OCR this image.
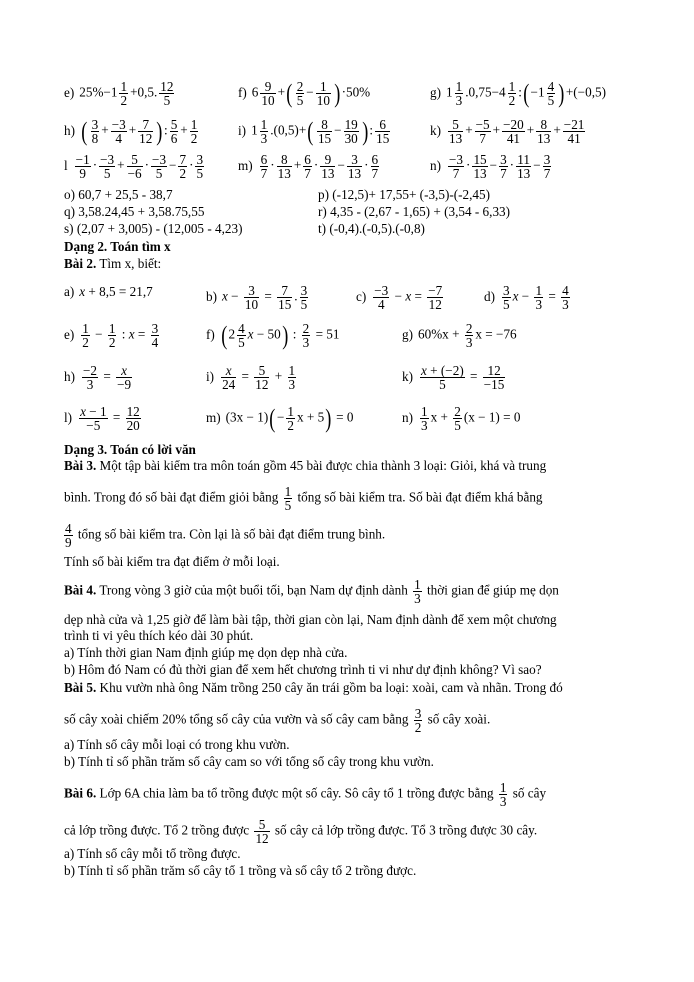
e) $25\%-1 \frac{1}{2} +0,5$. $\frac{12}{5}$	f) $6 \frac{9}{10}$ +( $\frac{2}{5} - \frac{1}{10} )\cdot 50\%$	g) $1 \frac{1}{3} .0,75-4 \frac{1}{2}$ :(−1 $\frac{4}{5} )+(-0,5)$
h) ( $\frac{3}{8} + \frac{-3}{4} + \frac{7}{12}$ ): $\frac{5}{6} + \frac{1}{2}$	i) $1 \frac{1}{3} .(0,5)+( \frac{8}{15} - \frac{19}{30}$ ): $\frac{6}{15}$	$k) \frac{5}{13} + \frac{-5}{7} + \frac{-20}{41} + \frac{8}{13} + \frac{-21}{41}$
l $\frac{-1}{9} \cdot \frac{-3}{5} + \frac{5}{-6} \cdot \frac{-3}{5} - \frac{7}{2} \cdot \frac{3}{5}$	$m) \frac{6}{7} \cdot \frac{8}{13} + \frac{6}{7} \cdot \frac{9}{13} - \frac{3}{13} \cdot \frac{6}{7}$	$n) \frac{-3}{7} \cdot \frac{15}{13} - \frac{3}{7} \cdot \frac{11}{13} - \frac{3}{7}$
o) 60,7 + 25,5 - 38,7	p) (-12,5)+ 17,55+ (-3,5)-(-2,45)
q) 3,58.24,45 + 3,58.75,55	r) 4,35 - (2,67 - 1,65) + (3,54 - 6,33)
s) (2,07 + 3,005) - (12,005 - 4,23)	t) (-0,4).(-0,5).(-0,8)
Dạng 2. Toán tìm x
Bài 2. Tìm x, biết:
a) x + 8,5 = 21,7	b) $x - \frac{3}{10} = \frac{7}{15}$ . $\frac{3}{5}$	$c) \frac{-3}{4} - x = \frac{-7}{12}$	$d) \frac{3}{5}$ $x - \frac{1}{3} = \frac{4}{3}$
$e) \frac{1}{2} - \frac{1}{2}$ : $x = \frac{3}{4}$	f) ($2 \frac{4}{5}$ x − 50) : $\frac{2}{3} = 51$	g) $60\%x + \frac{2}{3}$ x = −76
$h) \frac{-2}{3} = \frac{x}{-9}$	$i) \frac{x}{24} = \frac{5}{12} + \frac{1}{3}$	$k) \frac{x + (-2)}{5} = \frac{12}{-15}$
$l) \frac{x - 1}{-5} = \frac{12}{20}$	m) $(3x - 1)(- \frac{1}{2}$ x + 5) = 0	$n) \frac{1}{3}$ $x + \frac{2}{5} (x - 1) = 0$
Dạng 3. Toán có lời văn
Bài 3. Một tập bài kiểm tra môn toán gồm 45 bài được chia thành 3 loại: Giỏi, khá và trung
bình. Trong đó số bài đạt điểm giỏi bằng $\frac{1}{5}$ tổng số bài kiểm tra. Số bài đạt điểm khá bằng
$\frac{4}{9}$ tổng số bài kiểm tra. Còn lại là số bài đạt điểm trung bình.
Tính số bài kiểm tra đạt điểm ở mỗi loại.
Bài 4. Trong vòng 3 giờ của một buổi tối, bạn Nam dự định dành $\frac{1}{3}$ thời gian để giúp mẹ dọn
dẹp nhà cửa và 1,25 giờ để làm bài tập, thời gian còn lại, Nam định dành để xem một chương
trình ti vi yêu thích kéo dài 30 phút.
a) Tính thời gian Nam định giúp mẹ dọn dẹp nhà cửa.
b) Hôm đó Nam có đủ thời gian để xem hết chương trình ti vi như dự định không? Vì sao?
Bài 5. Khu vườn nhà ông Năm trồng 250 cây ăn trái gồm ba loại: xoài, cam và nhãn. Trong đó
số cây xoài chiếm 20% tổng số cây của vườn và số cây cam bằng $\frac{3}{2}$ số cây xoài.
a) Tính số cây mỗi loại có trong khu vườn.
b) Tính tỉ số phần trăm số cây cam so với tổng số cây trong khu vườn.
Bài 6. Lớp 6A chia làm ba tổ trồng được một số cây. Sô cây tổ 1 trồng được bằng $\frac{1}{3}$ số cây
cả lớp trồng được. Tổ 2 trồng được $\frac{5}{12}$ số cây cả lớp trồng được. Tổ 3 trồng được 30 cây.
a) Tính số cây mỗi tổ trồng được.
b) Tính tỉ số phần trăm số cây tổ 1 trồng và số cây tổ 2 trồng được.
